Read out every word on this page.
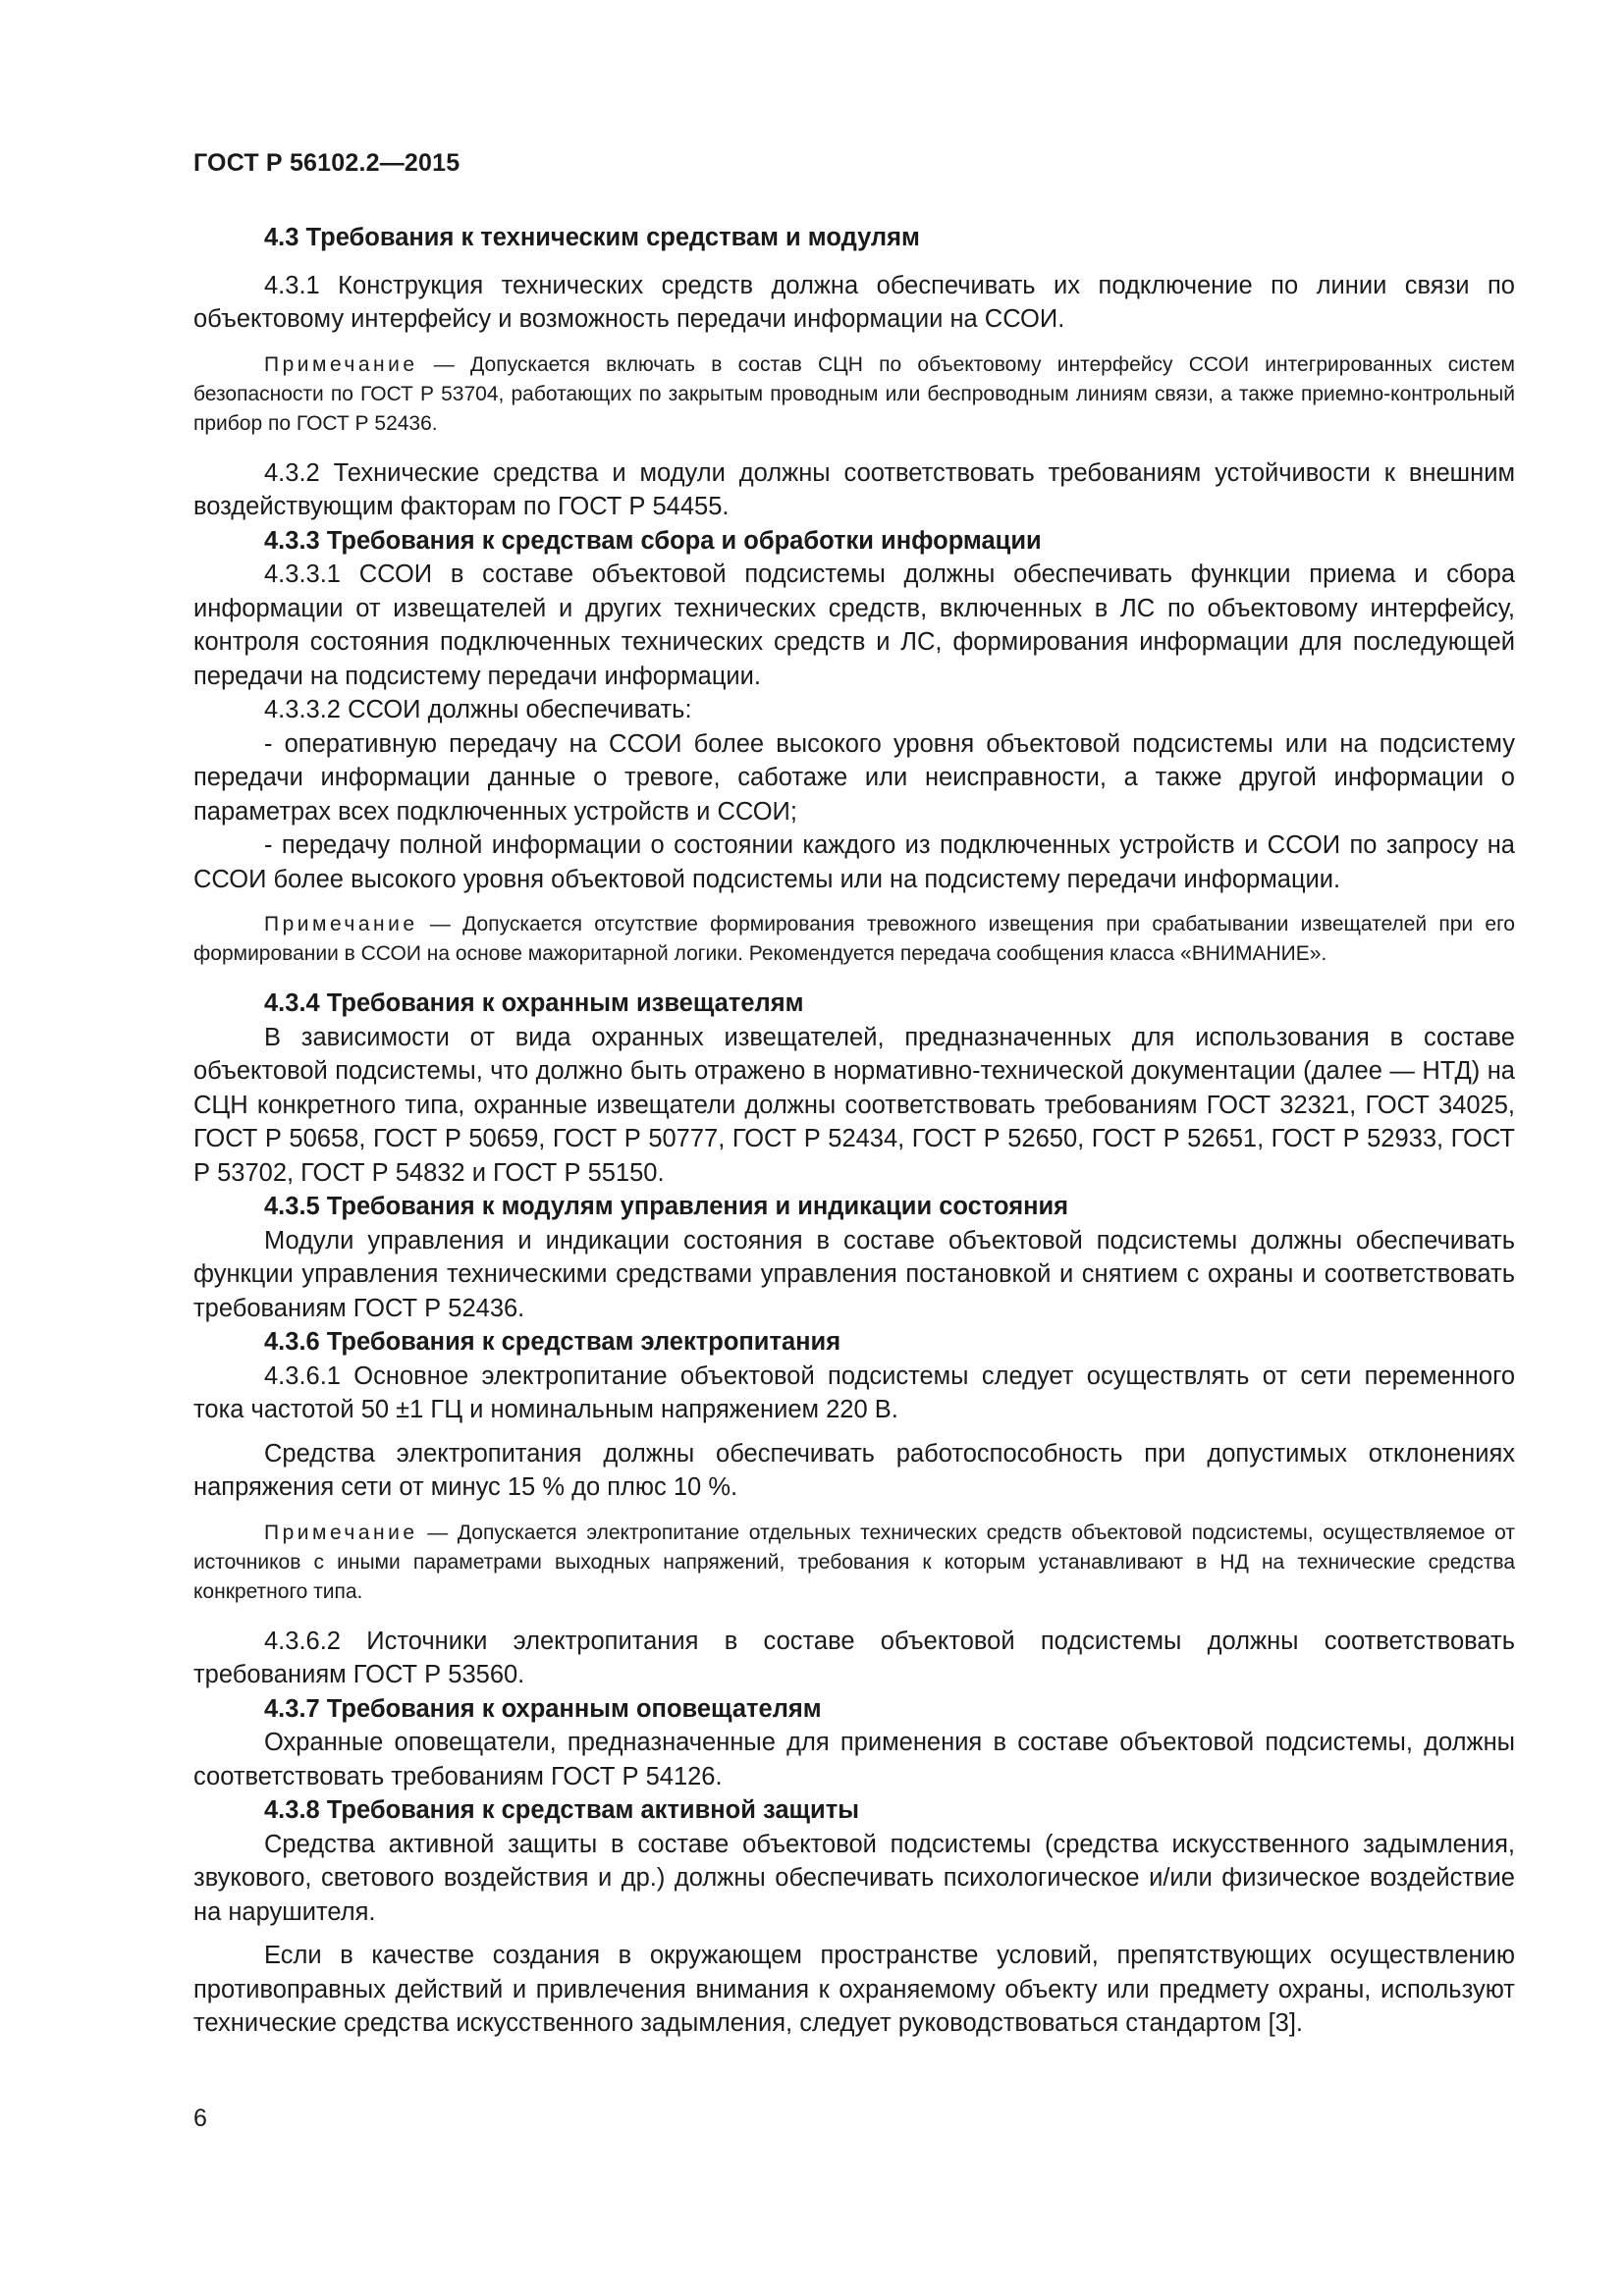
ГОСТ Р 56102.2—2015

4.3 Требования к техническим средствам и модулям

4.3.1 Конструкция технических средств должна обеспечивать их подключение по линии связи по объектовому интерфейсу и возможность передачи информации на ССОИ.

Примечание — Допускается включать в состав СЦН по объектовому интерфейсу ССОИ интегрированных систем безопасности по ГОСТ Р 53704, работающих по закрытым проводным или беспроводным линиям связи, а также приемно-контрольный прибор по ГОСТ Р 52436.

4.3.2 Технические средства и модули должны соответствовать требованиям устойчивости к внешним воздействующим факторам по ГОСТ Р 54455.

4.3.3 Требования к средствам сбора и обработки информации

4.3.3.1 ССОИ в составе объектовой подсистемы должны обеспечивать функции приема и сбора информации от извещателей и других технических средств, включенных в ЛС по объектовому интерфейсу, контроля состояния подключенных технических средств и ЛС, формирования информации для последующей передачи на подсистему передачи информации.

4.3.3.2 ССОИ должны обеспечивать:

- оперативную передачу на ССОИ более высокого уровня объектовой подсистемы или на подсистему передачи информации данные о тревоге, саботаже или неисправности, а также другой информации о параметрах всех подключенных устройств и ССОИ;

- передачу полной информации о состоянии каждого из подключенных устройств и ССОИ по запросу на ССОИ более высокого уровня объектовой подсистемы или на подсистему передачи информации.

Примечание — Допускается отсутствие формирования тревожного извещения при срабатывании извещателей при его формировании в ССОИ на основе мажоритарной логики. Рекомендуется передача сообщения класса «ВНИМАНИЕ».

4.3.4 Требования к охранным извещателям

В зависимости от вида охранных извещателей, предназначенных для использования в составе объектовой подсистемы, что должно быть отражено в нормативно-технической документации (далее — НТД) на СЦН конкретного типа, охранные извещатели должны соответствовать требованиям ГОСТ 32321, ГОСТ 34025, ГОСТ Р 50658, ГОСТ Р 50659, ГОСТ Р 50777, ГОСТ Р 52434, ГОСТ Р 52650, ГОСТ Р 52651, ГОСТ Р 52933, ГОСТ Р 53702, ГОСТ Р 54832 и ГОСТ Р 55150.

4.3.5 Требования к модулям управления и индикации состояния

Модули управления и индикации состояния в составе объектовой подсистемы должны обеспечивать функции управления техническими средствами управления постановкой и снятием с охраны и соответствовать требованиям ГОСТ Р 52436.

4.3.6 Требования к средствам электропитания

4.3.6.1 Основное электропитание объектовой подсистемы следует осуществлять от сети переменного тока частотой 50 ±1 ГЦ и номинальным напряжением 220 В.

Средства электропитания должны обеспечивать работоспособность при допустимых отклонениях напряжения сети от минус 15 % до плюс 10 %.

Примечание — Допускается электропитание отдельных технических средств объектовой подсистемы, осуществляемое от источников с иными параметрами выходных напряжений, требования к которым устанавливают в НД на технические средства конкретного типа.

4.3.6.2 Источники электропитания в составе объектовой подсистемы должны соответствовать требованиям ГОСТ Р 53560.

4.3.7 Требования к охранным оповещателям

Охранные оповещатели, предназначенные для применения в составе объектовой подсистемы, должны соответствовать требованиям ГОСТ Р 54126.

4.3.8 Требования к средствам активной защиты

Средства активной защиты в составе объектовой подсистемы (средства искусственного задымления, звукового, светового воздействия и др.) должны обеспечивать психологическое и/или физическое воздействие на нарушителя.

Если в качестве создания в окружающем пространстве условий, препятствующих осуществлению противоправных действий и привлечения внимания к охраняемому объекту или предмету охраны, используют технические средства искусственного задымления, следует руководствоваться стандартом [3].

6
